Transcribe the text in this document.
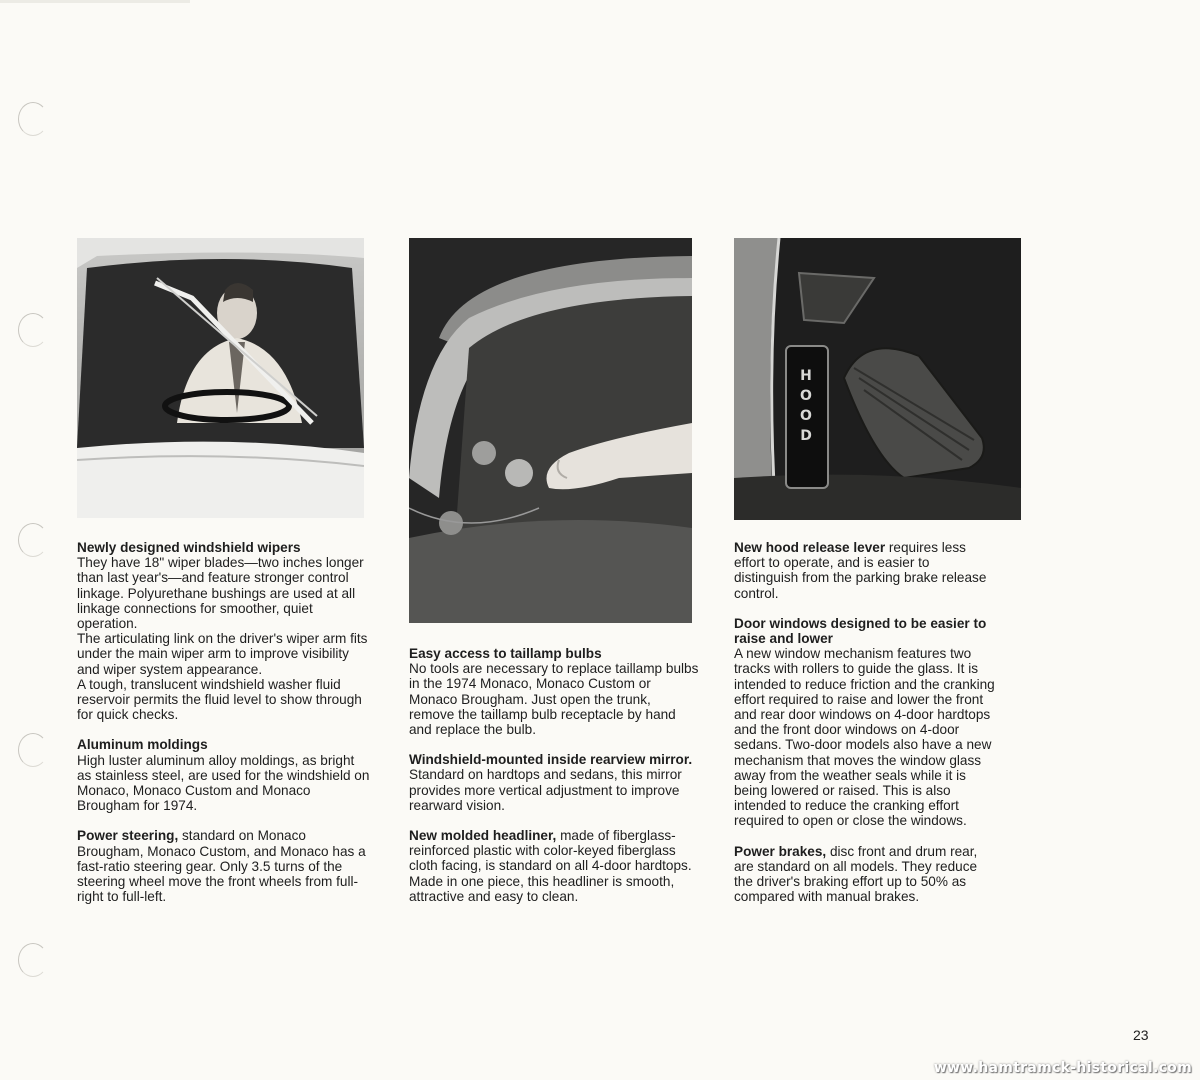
HOOD

Newly designed windshield wipers

They have 18" wiper blades—two inches longer than last year's—and feature stronger control linkage. Polyurethane bushings are used at all linkage connections for smoother, quiet operation.

The articulating link on the driver's wiper arm fits under the main wiper arm to improve visibility and wiper system appearance.

A tough, translucent windshield washer fluid reservoir permits the fluid level to show through for quick checks.

Aluminum moldings

High luster aluminum alloy moldings, as bright as stainless steel, are used for the windshield on Monaco, Monaco Custom and Monaco Brougham for 1974.

Power steering, standard on Monaco Brougham, Monaco Custom, and Monaco has a fast-ratio steering gear. Only 3.5 turns of the steering wheel move the front wheels from full-right to full-left.

Easy access to taillamp bulbs

No tools are necessary to replace taillamp bulbs in the 1974 Monaco, Monaco Custom or Monaco Brougham. Just open the trunk, remove the taillamp bulb receptacle by hand and replace the bulb.

Windshield-mounted inside rearview mirror. Standard on hardtops and sedans, this mirror provides more vertical adjustment to improve rearward vision.

New molded headliner, made of fiberglass-reinforced plastic with color-keyed fiberglass cloth facing, is standard on all 4-door hardtops. Made in one piece, this headliner is smooth, attractive and easy to clean.

New hood release lever requires less effort to operate, and is easier to distinguish from the parking brake release control.

Door windows designed to be easier to raise and lower

A new window mechanism features two tracks with rollers to guide the glass. It is intended to reduce friction and the cranking effort required to raise and lower the front and rear door windows on 4-door hardtops and the front door windows on 4-door sedans. Two-door models also have a new mechanism that moves the window glass away from the weather seals while it is being lowered or raised. This is also intended to reduce the cranking effort required to open or close the windows.

Power brakes, disc front and drum rear, are standard on all models. They reduce the driver's braking effort up to 50% as compared with manual brakes.

23
www.hamtramck-historical.com
